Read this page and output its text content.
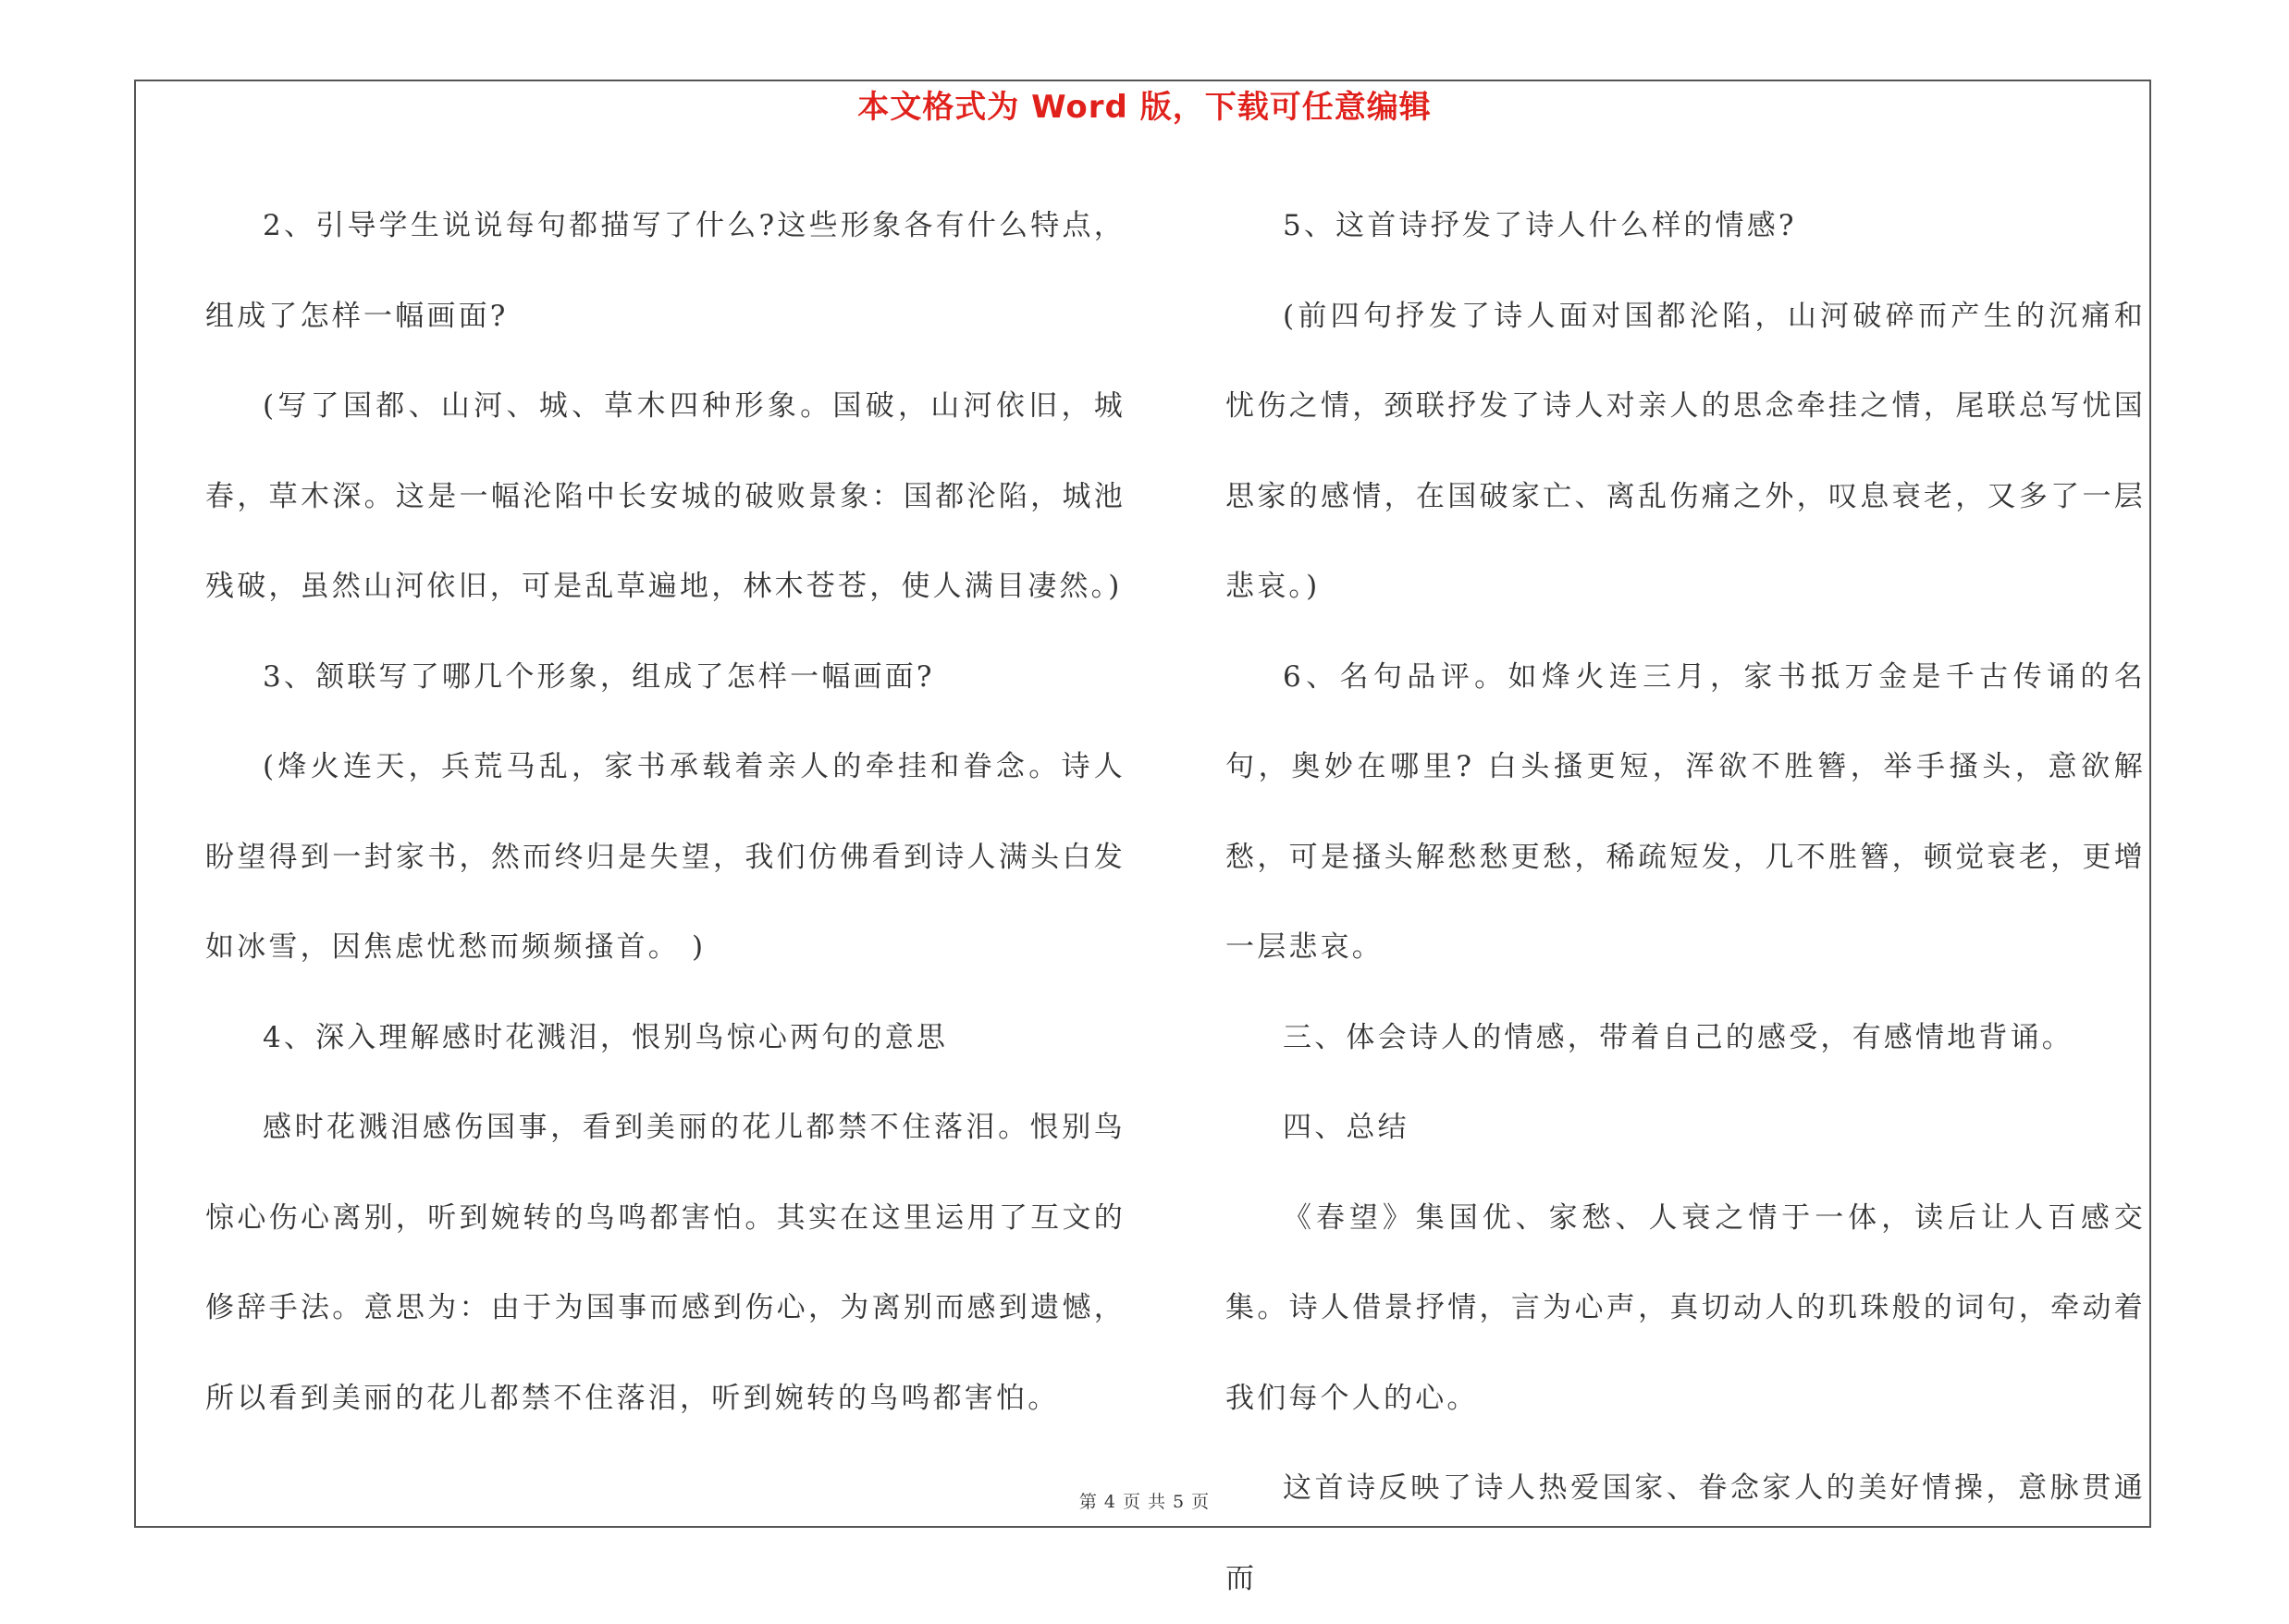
本文格式为 Word 版，下载可任意编辑

2、引导学生说说每句都描写了什么?这些形象各有什么特点，组成了怎样一幅画面?

(写了国都、山河、城、草木四种形象。国破，山河依旧，城春，草木深。这是一幅沦陷中长安城的破败景象：国都沦陷，城池残破，虽然山河依旧，可是乱草遍地，林木苍苍，使人满目凄然。)

3、颔联写了哪几个形象，组成了怎样一幅画面?

(烽火连天，兵荒马乱，家书承载着亲人的牵挂和眷念。诗人盼望得到一封家书，然而终归是失望，我们仿佛看到诗人满头白发如冰雪，因焦虑忧愁而频频搔首。 )

4、深入理解感时花溅泪，恨别鸟惊心两句的意思

感时花溅泪感伤国事，看到美丽的花儿都禁不住落泪。恨别鸟惊心伤心离别，听到婉转的鸟鸣都害怕。其实在这里运用了互文的修辞手法。意思为：由于为国事而感到伤心，为离别而感到遗憾，所以看到美丽的花儿都禁不住落泪，听到婉转的鸟鸣都害怕。

5、这首诗抒发了诗人什么样的情感?

(前四句抒发了诗人面对国都沦陷，山河破碎而产生的沉痛和忧伤之情，颈联抒发了诗人对亲人的思念牵挂之情，尾联总写忧国思家的感情，在国破家亡、离乱伤痛之外，叹息衰老，又多了一层悲哀。)

6、名句品评。如烽火连三月，家书抵万金是千古传诵的名句，奥妙在哪里? 白头搔更短，浑欲不胜簪，举手搔头，意欲解愁，可是搔头解愁愁更愁，稀疏短发，几不胜簪，顿觉衰老，更增一层悲哀。

三、体会诗人的情感，带着自己的感受，有感情地背诵。

四、总结

《春望》集国优、家愁、人衰之情于一体，读后让人百感交集。诗人借景抒情，言为心声，真切动人的玑珠般的词句，牵动着我们每个人的心。

这首诗反映了诗人热爱国家、眷念家人的美好情操，意脉贯通而

第 4 页 共 5 页
